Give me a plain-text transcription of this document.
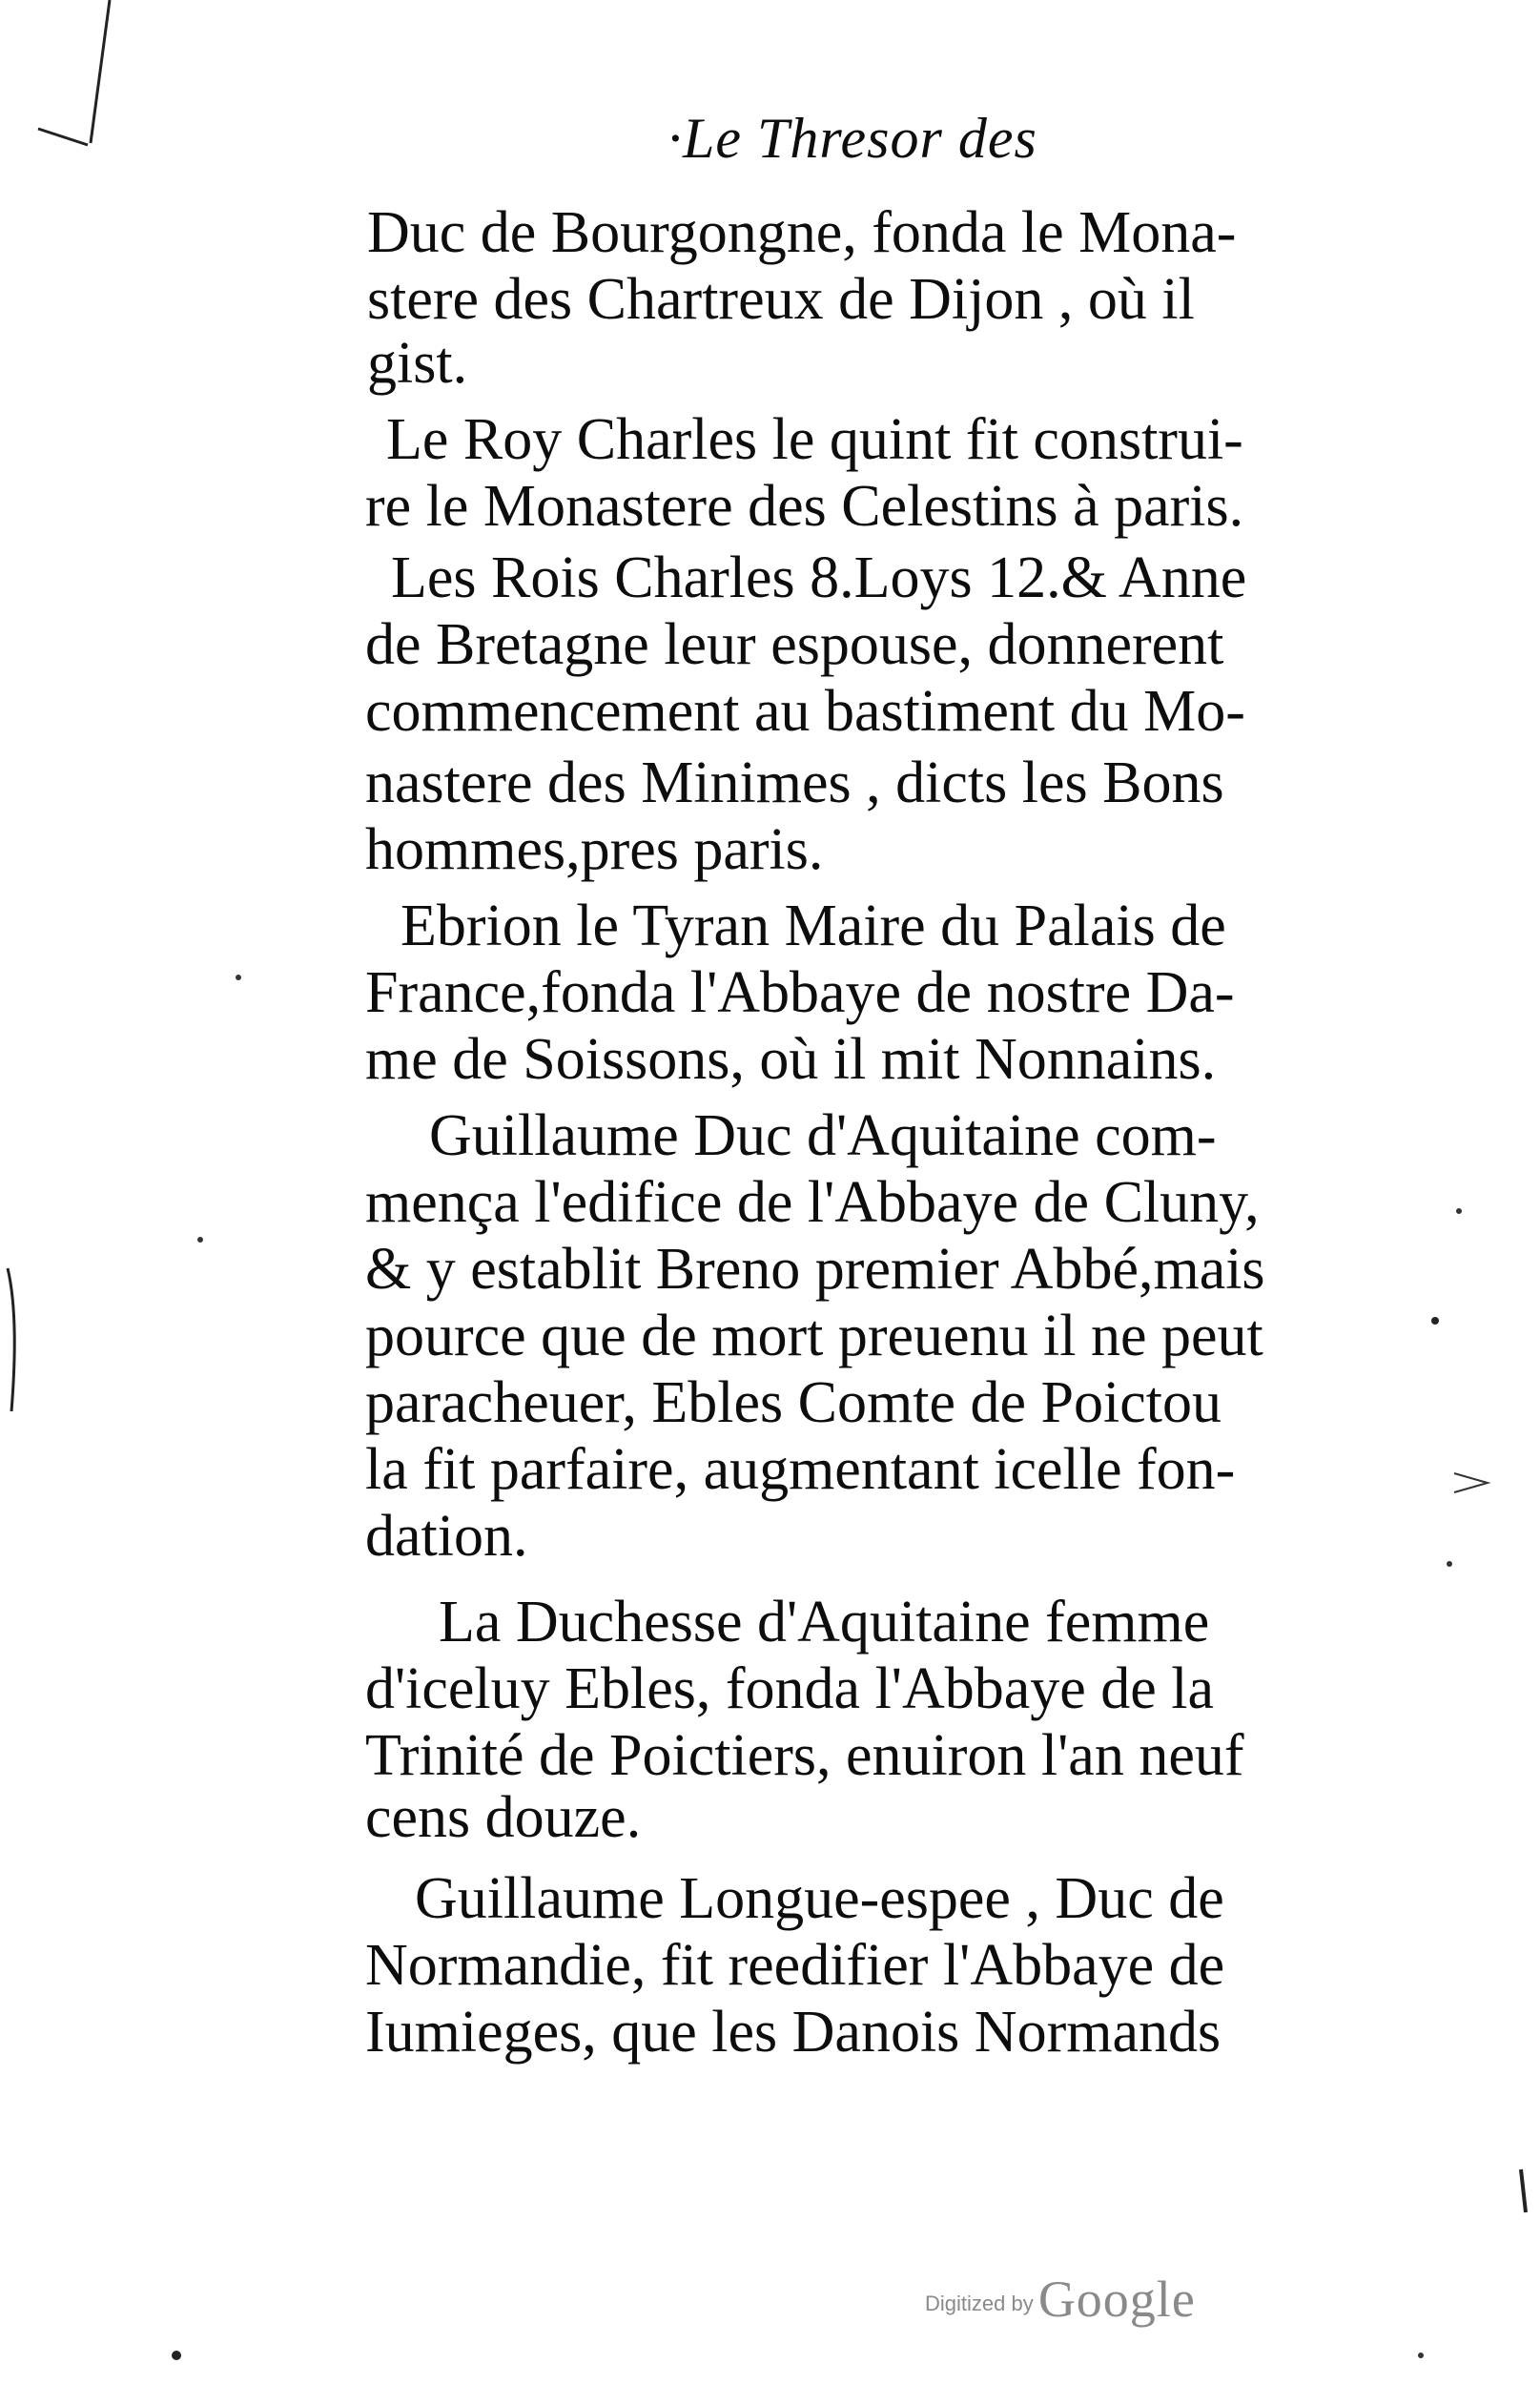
·Le Thresor des
Duc de Bourgongne, fonda le Mona-
stere des Chartreux de Dijon , où il
gist.
Le Roy Charles le quint fit construi-
re le Monastere des Celestins à paris.
Les Rois Charles 8.Loys 12.& Anne
de Bretagne leur espouse, donnerent
commencement au bastiment du Mo-
nastere des Minimes , dicts les Bons
hommes,pres paris.
Ebrion le Tyran Maire du Palais de
France,fonda l'Abbaye de nostre Da-
me de Soissons, où il mit Nonnains.
Guillaume Duc d'Aquitaine com-
mença l'edifice de l'Abbaye de Cluny,
& y establit Breno premier Abbé,mais
pource que de mort preuenu il ne peut
paracheuer, Ebles Comte de Poictou
la fit parfaire, augmentant icelle fon-
dation.
La Duchesse d'Aquitaine femme
d'iceluy Ebles, fonda l'Abbaye de la
Trinité de Poictiers, enuiron l'an neuf
cens douze.
Guillaume Longue-espee , Duc de
Normandie, fit reedifier l'Abbaye de
Iumieges, que les Danois Normands
Digitized by Google
